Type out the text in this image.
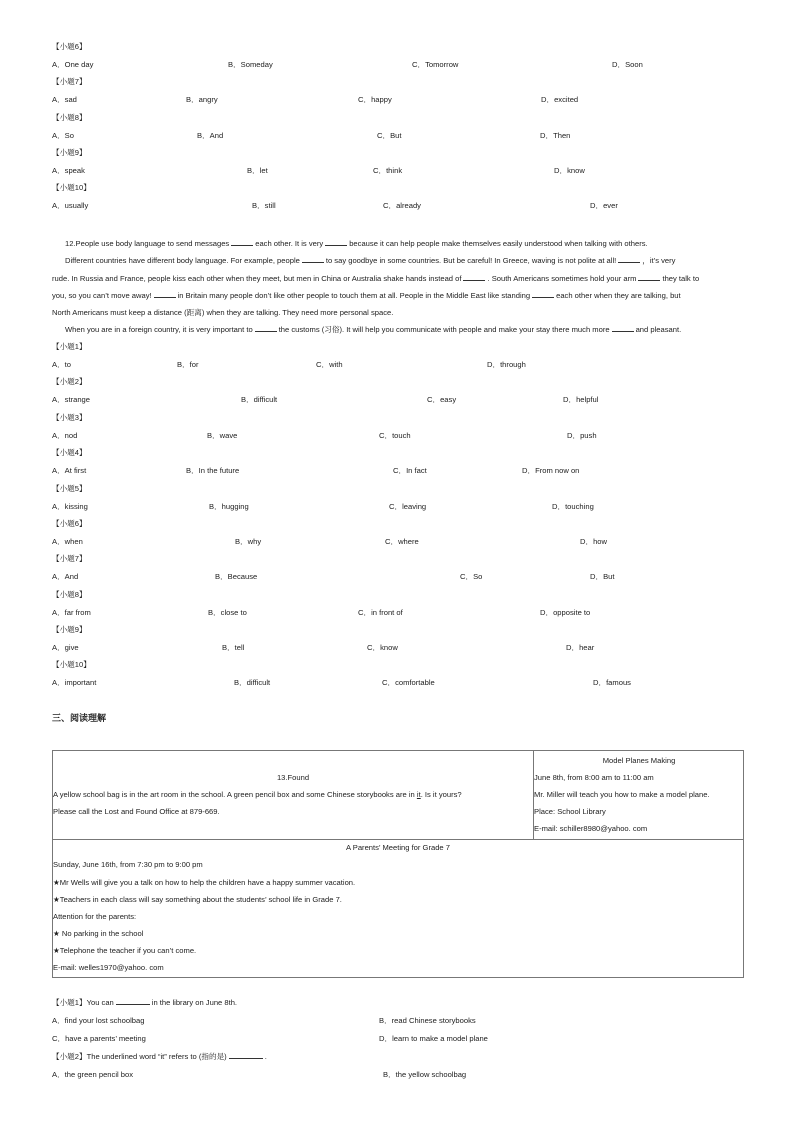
【小题6】
A．One day	B．Someday	C．Tomorrow	D．Soon
【小题7】
A．sad	B．angry	C．happy	D．excited
【小题8】
A．So	B．And	C．But	D．Then
【小题9】
A．speak	B．let	C．think	D．know
【小题10】
A．usually	B．still	C．already	D．ever
12.People use body language to send messages	each other. It is very	because it can help people make themselves easily understood when talking with others.
Different countries have different body language. For example, people	to say goodbye in some countries. But be careful! In Greece, waving is not polite at all!	，it’s very
rude. In Russia and France, people kiss each other when they meet, but men in China or Australia shake hands instead of	. South Americans sometimes hold your arm	they talk to
you, so you can’t move away!	in Britain many people don’t like other people to touch them at all. People in the Middle East like standing	each other when they are talking, but
North Americans must keep a distance (距离) when they are talking. They need more personal space.
When you are in a foreign country, it is very important to	the customs (习俗). It will help you communicate with people and make your stay there much more	and pleasant.
【小题1】
A．to	B．for	C．with	D．through
【小题2】
A．strange	B．difficult	C．easy	D．helpful
【小题3】
A．nod	B．wave	C．touch	D．push
【小题4】
A．At first	B．In the future	C．In fact	D．From now on
【小题5】
A．kissing	B．hugging	C．leaving	D．touching
【小题6】
A．when	B．why	C．where	D．how
【小题7】
A．And	B．Because	C．So	D．But
【小题8】
A．far from	B．close to	C．in front of	D．opposite to
【小题9】
A．give	B．tell	C．know	D．hear
【小题10】
A．important	B．difficult	C．comfortable	D．famous
三、阅读理解
13.Found
A yellow school bag is in the art room in the school. A green pencil box and some Chinese storybooks are in it. Is it yours?
Please call the Lost and Found Office at 879-669.
Model Planes Making
June 8th, from 8:00 am to 11:00 am
Mr. Miller will teach you how to make a model plane.
Place: School Library
E-mail: schiller8980@yahoo. com
A Parents’ Meeting for Grade 7
Sunday, June 16th, from 7:30 pm to 9:00 pm
★Mr Wells will give you a talk on how to help the children have a happy summer vacation.
★Teachers in each class will say something about the students’ school life in Grade 7.
Attention for the parents:
★ No parking in the school
★Telephone the teacher if you can’t come.
E-mail: welles1970@yahoo. com
【小题1】You can	in the library on June 8th.
A．find your lost schoolbag	B．read Chinese storybooks
C．have a parents’ meeting	D．learn to make a model plane
【小题2】The underlined word “it” refers to (指的是)	.
A．the green pencil box	B．the yellow schoolbag
